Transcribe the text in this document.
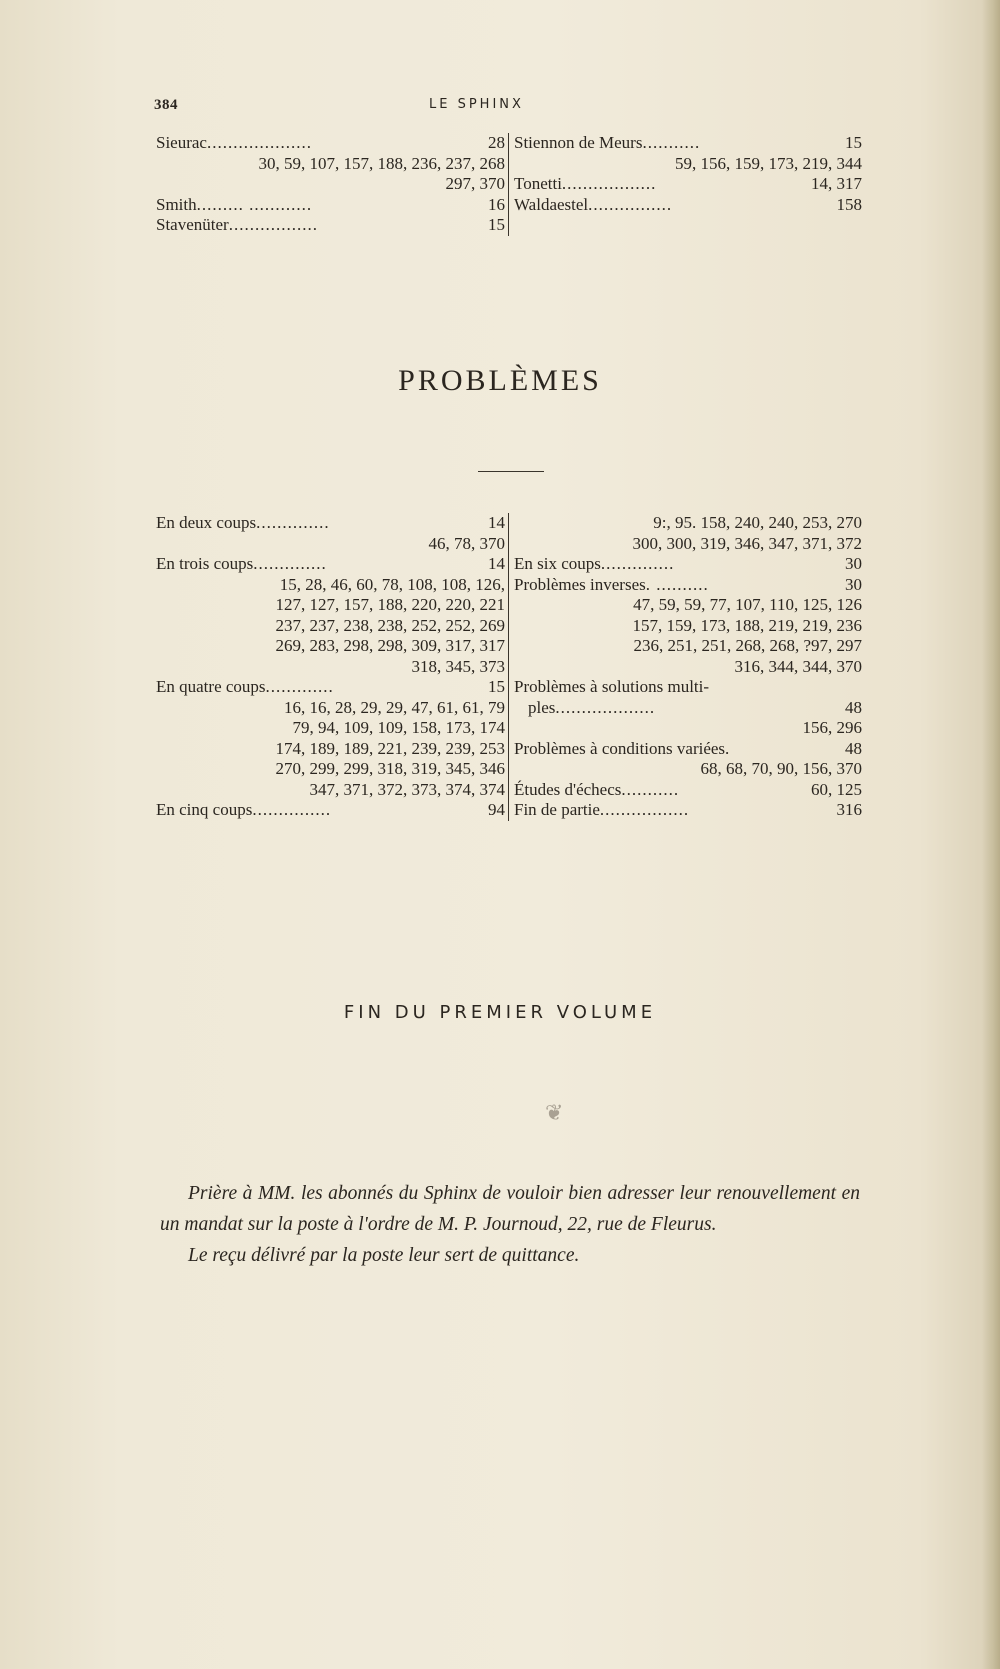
384	LE SPHINX
Sieurac....................	28
30, 59, 107, 157, 188, 236, 237, 268
297, 370
Smith......... ............	16
Stavenüter.................	15
Stiennon de Meurs...........	15
59, 156, 159, 173, 219, 344
Tonetti..................	14, 317
Waldaestel................	158
PROBLÈMES
En deux coups..............	14
46, 78, 370
En trois coups..............	14
15, 28, 46, 60, 78, 108, 108, 126,
127, 127, 157, 188, 220, 220, 221
237, 237, 238, 238, 252, 252, 269
269, 283, 298, 298, 309, 317, 317
318, 345, 373
En quatre coups.............	15
16, 16, 28, 29, 29, 47, 61, 61, 79
79, 94, 109, 109, 158, 173, 174
174, 189, 189, 221, 239, 239, 253
270, 299, 299, 318, 319, 345, 346
347, 371, 372, 373, 374, 374
En cinq coups...............	94
9:, 95. 158, 240, 240, 253, 270
300, 300, 319, 346, 347, 371, 372
En six coups..............	30
Problèmes inverses. ..........	30
47, 59, 59, 77, 107, 110, 125, 126
157, 159, 173, 188, 219, 219, 236
236, 251, 251, 268, 268, ?97, 297
316, 344, 344, 370
Problèmes à solutions multi-
ples...................	48
156, 296
Problèmes à conditions variées.	48
68, 68, 70, 90, 156, 370
Études d'échecs...........	60, 125
Fin de partie.................	316
FIN DU PREMIER VOLUME
❦

Prière à MM. les abonnés du Sphinx de vouloir bien adresser leur renouvellement en un mandat sur la poste à l'ordre de M. P. Journoud, 22, rue de Fleurus.

Le reçu délivré par la poste leur sert de quittance.
